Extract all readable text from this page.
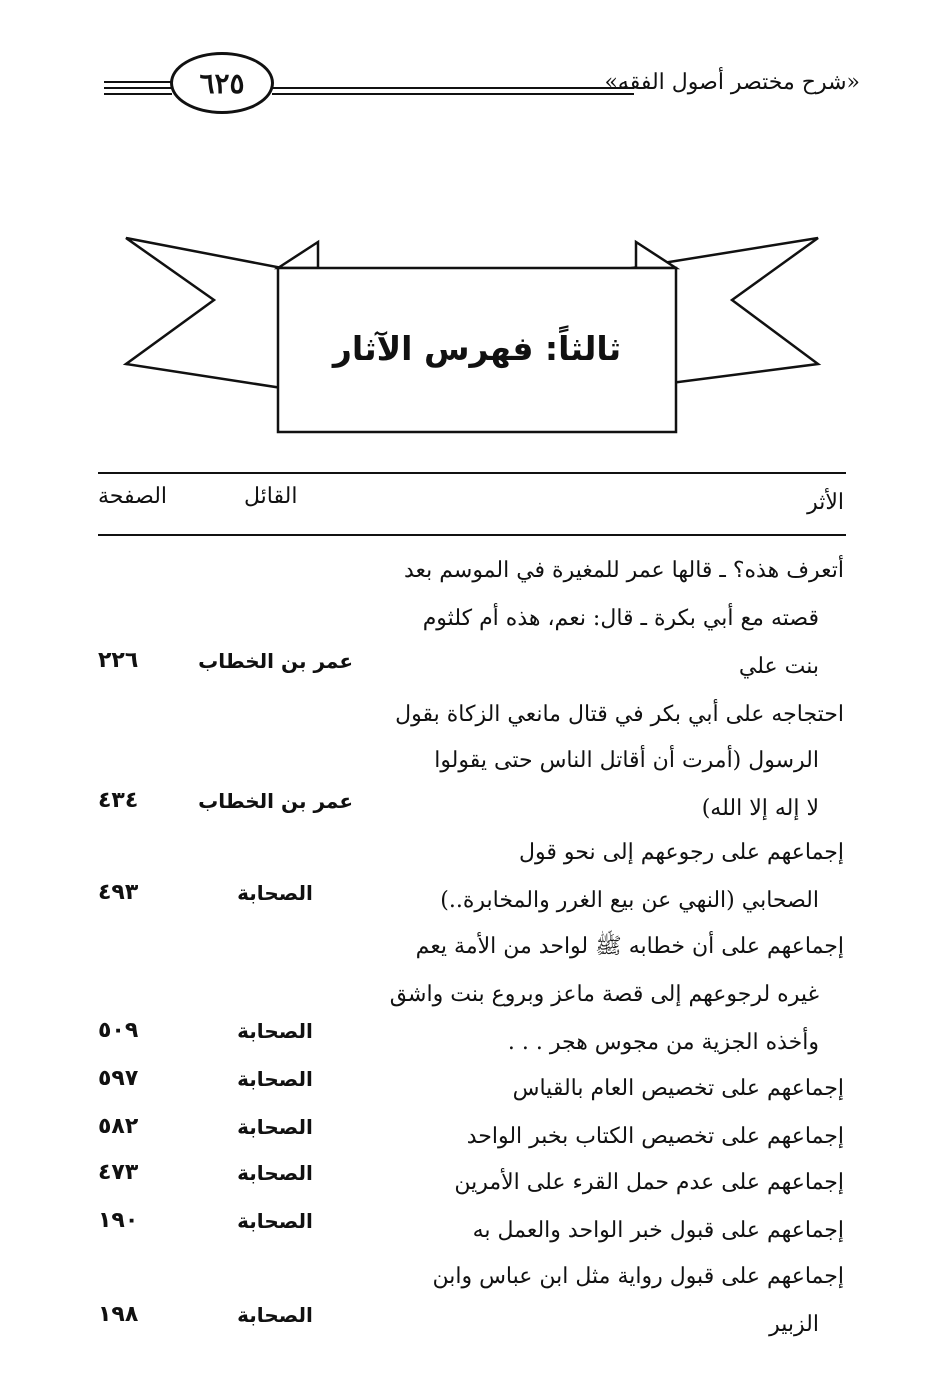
٦٢٥	«شرح مختصر أصول الفقه»
ثالثاً: فهرس الآثار
الأثر
القائل
الصفحة
أتعرف هذه؟ ـ قالها عمر للمغيرة في الموسم بعد
قصته مع أبي بكرة ـ قال: نعم، هذه أم كلثوم
بنت علي
عمر بن الخطاب
٢٢٦
احتجاجه على أبي بكر في قتال مانعي الزكاة بقول
الرسول (أمرت أن أقاتل الناس حتى يقولوا
لا إله إلا الله)
عمر بن الخطاب
٤٣٤
إجماعهم على رجوعهم إلى نحو قول
الصحابي (النهي عن بيع الغرر والمخابرة..)
الصحابة
٤٩٣
إجماعهم على أن خطابه ﷺ لواحد من الأمة يعم
غيره لرجوعهم إلى قصة ماعز وبروع بنت واشق
وأخذه الجزية من مجوس هجر . . .
الصحابة
٥٠٩
إجماعهم على تخصيص العام بالقياس
الصحابة
٥٩٧
إجماعهم على تخصيص الكتاب بخبر الواحد
الصحابة
٥٨٢
إجماعهم على عدم حمل القرء على الأمرين
الصحابة
٤٧٣
إجماعهم على قبول خبر الواحد والعمل به
الصحابة
١٩٠
إجماعهم على قبول رواية مثل ابن عباس وابن
الزبير
الصحابة
١٩٨
